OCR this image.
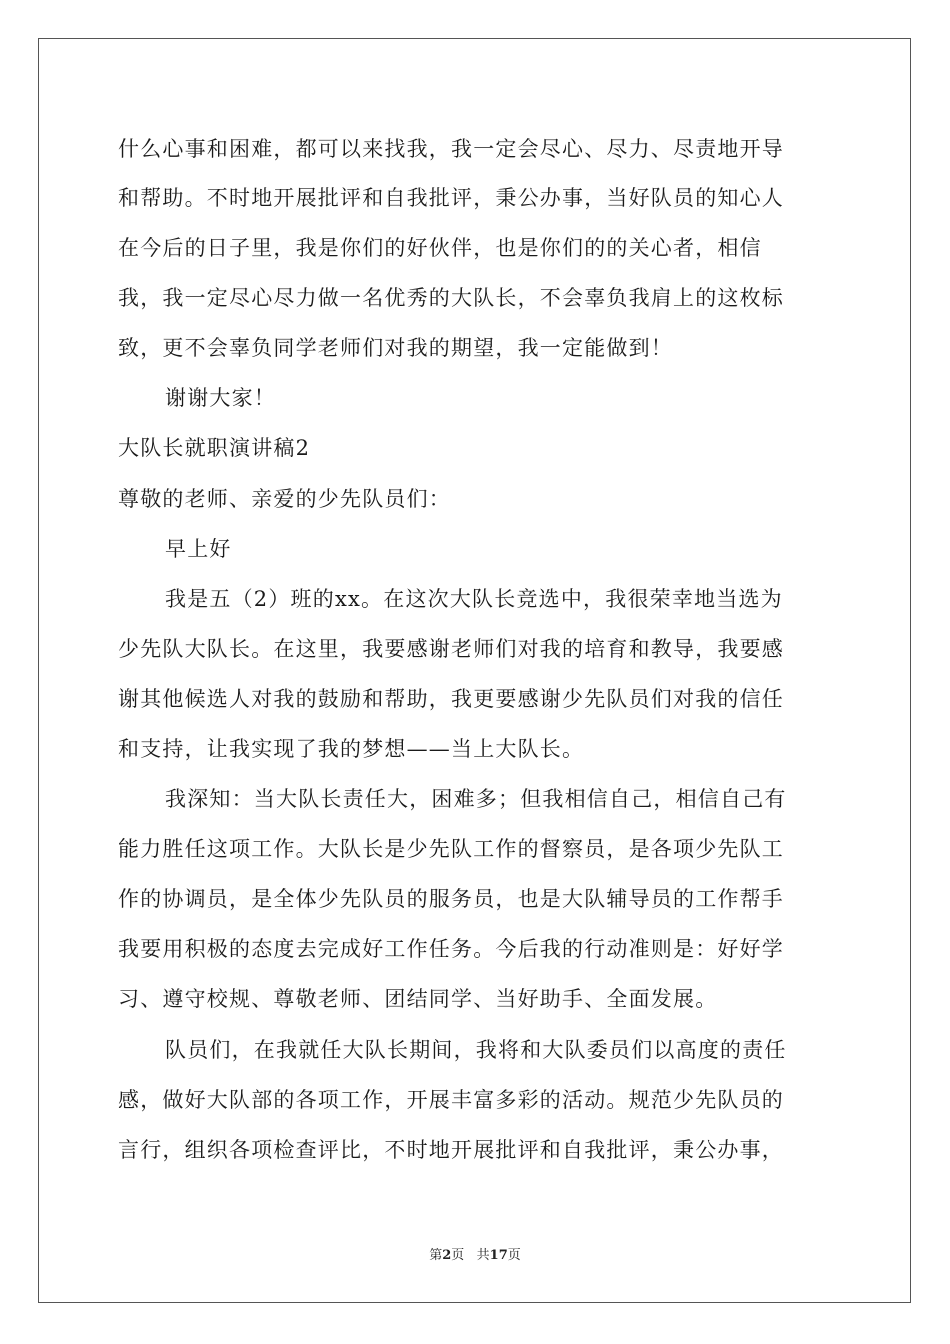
什么心事和困难，都可以来找我，我一定会尽心、尽力、尽责地开导
和帮助。不时地开展批评和自我批评，秉公办事，当好队员的知心人
在今后的日子里，我是你们的好伙伴，也是你们的的关心者，相信
我，我一定尽心尽力做一名优秀的大队长，不会辜负我肩上的这枚标
致，更不会辜负同学老师们对我的期望，我一定能做到！
谢谢大家！
大队长就职演讲稿2
尊敬的老师、亲爱的少先队员们：
早上好
我是五（2）班的xx。在这次大队长竞选中，我很荣幸地当选为
少先队大队长。在这里，我要感谢老师们对我的培育和教导，我要感
谢其他候选人对我的鼓励和帮助，我更要感谢少先队员们对我的信任
和支持，让我实现了我的梦想——当上大队长。
我深知：当大队长责任大，困难多；但我相信自己，相信自己有
能力胜任这项工作。大队长是少先队工作的督察员，是各项少先队工
作的协调员，是全体少先队员的服务员，也是大队辅导员的工作帮手
我要用积极的态度去完成好工作任务。今后我的行动准则是：好好学
习、遵守校规、尊敬老师、团结同学、当好助手、全面发展。
队员们，在我就任大队长期间，我将和大队委员们以高度的责任
感，做好大队部的各项工作，开展丰富多彩的活动。规范少先队员的
言行，组织各项检查评比，不时地开展批评和自我批评，秉公办事，
第2页   共17页
